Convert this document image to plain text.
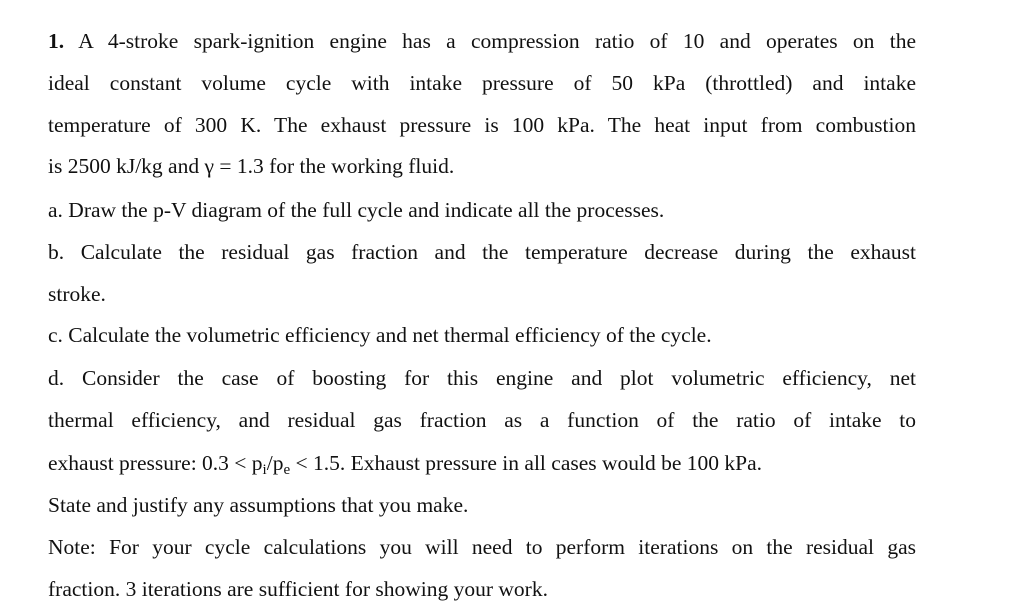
1. A 4-stroke spark-ignition engine has a compression ratio of 10 and operates on the
ideal constant volume cycle with intake pressure of 50 kPa (throttled) and intake
temperature of 300 K. The exhaust pressure is 100 kPa. The heat input from combustion
is 2500 kJ/kg and γ = 1.3 for the working fluid.
a. Draw the p-V diagram of the full cycle and indicate all the processes.
b. Calculate the residual gas fraction and the temperature decrease during the exhaust
stroke.
c. Calculate the volumetric efficiency and net thermal efficiency of the cycle.
d. Consider the case of boosting for this engine and plot volumetric efficiency, net
thermal efficiency, and residual gas fraction as a function of the ratio of intake to
exhaust pressure: $0.3 < p_i/p_e < 1.5$. Exhaust pressure in all cases would be 100 kPa.
State and justify any assumptions that you make.
Note: For your cycle calculations you will need to perform iterations on the residual gas
fraction. 3 iterations are sufficient for showing your work.
